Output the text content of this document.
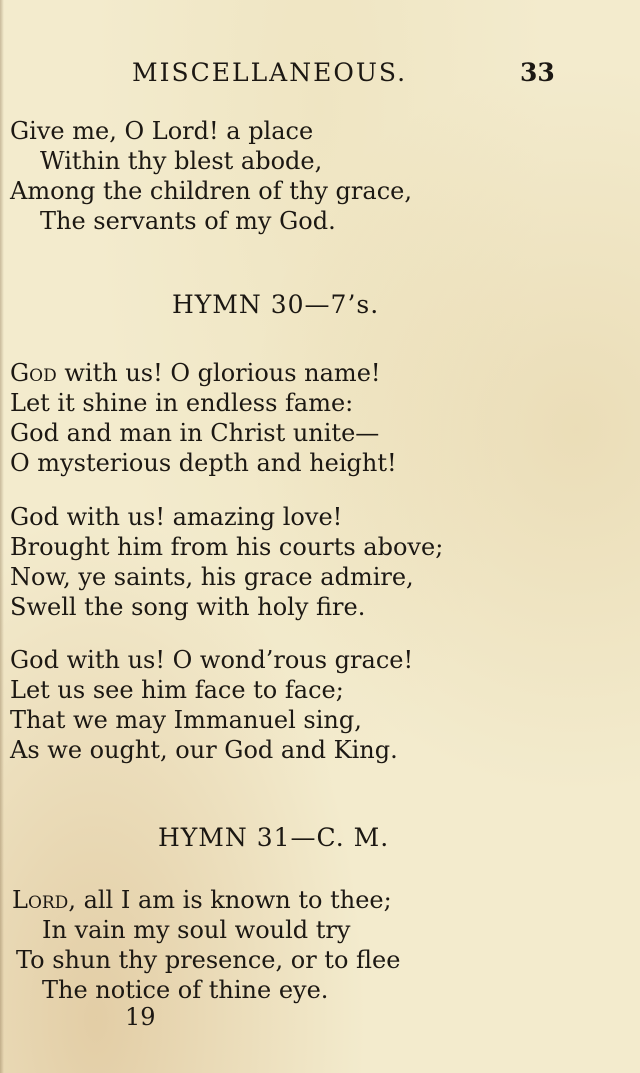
MISCELLANEOUS.	33
Give me, O Lord! a place
Within thy blest abode,
Among the children of thy grace,
The servants of my God.
HYMN 30—7’s.
God with us! O glorious name!
Let it shine in endless fame:
God and man in Christ unite—
O mysterious depth and height!
God with us! amazing love!
Brought him from his courts above;
Now, ye saints, his grace admire,
Swell the song with holy fire.
God with us! O wond’rous grace!
Let us see him face to face;
That we may Immanuel sing,
As we ought, our God and King.
HYMN 31—C. M.
Lord, all I am is known to thee;
In vain my soul would try
To shun thy presence, or to flee
The notice of thine eye.
19
